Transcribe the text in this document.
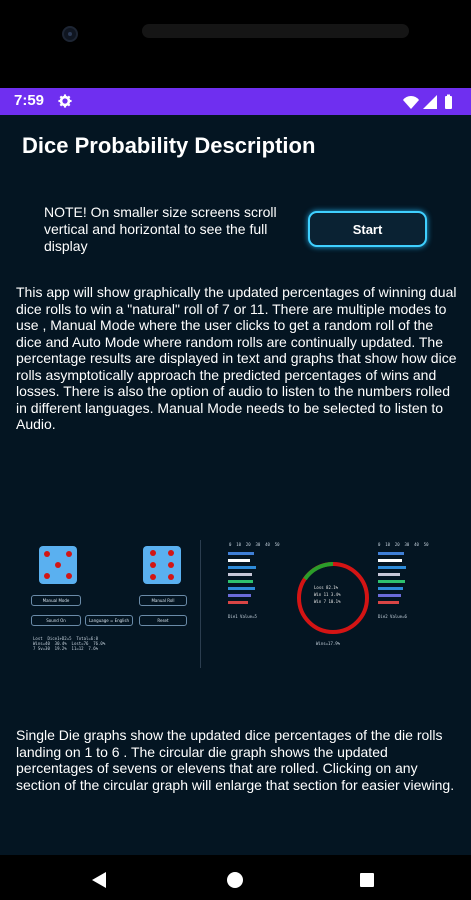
7:59
Dice Probability Description
NOTE! On smaller size screens scroll vertical and horizontal to see the full display
Start
This app will show graphically the updated percentages of winning dual dice rolls to win a "natural" roll of 7 or 11. There are multiple modes to use , Manual Mode where the user clicks to get a random roll of the dice and Auto Mode where random rolls are continually updated. The percentage results are displayed in text and graphs that show how dice rolls asymptotically approach the predicted percentages of wins and losses. There is also the option of audio to listen to the numbers rolled in different languages. Manual Mode needs to be selected to listen to Audio.
Manual Mode	Manual Roll
Sound On	Language = English	Reset
Lost  Dice1+D2=5  Total=6:8
Wins=40  30.4%  Lost=76  76.0%
7 Sv=30  19.2%  11=12  7.6%
0  10  20  30  40  50	0  10  20  30  40  50
Die1 Value=5	Die2 Value=6
Loss 82.1%
Win 11 3.4%
Win 7 10.1%
Wins=17.9%
Single Die graphs show the updated dice percentages of the die rolls landing on 1 to 6 . The circular die graph shows the updated percentages of sevens or elevens that are rolled. Clicking on any section of the circular graph will enlarge that section for easier viewing.
